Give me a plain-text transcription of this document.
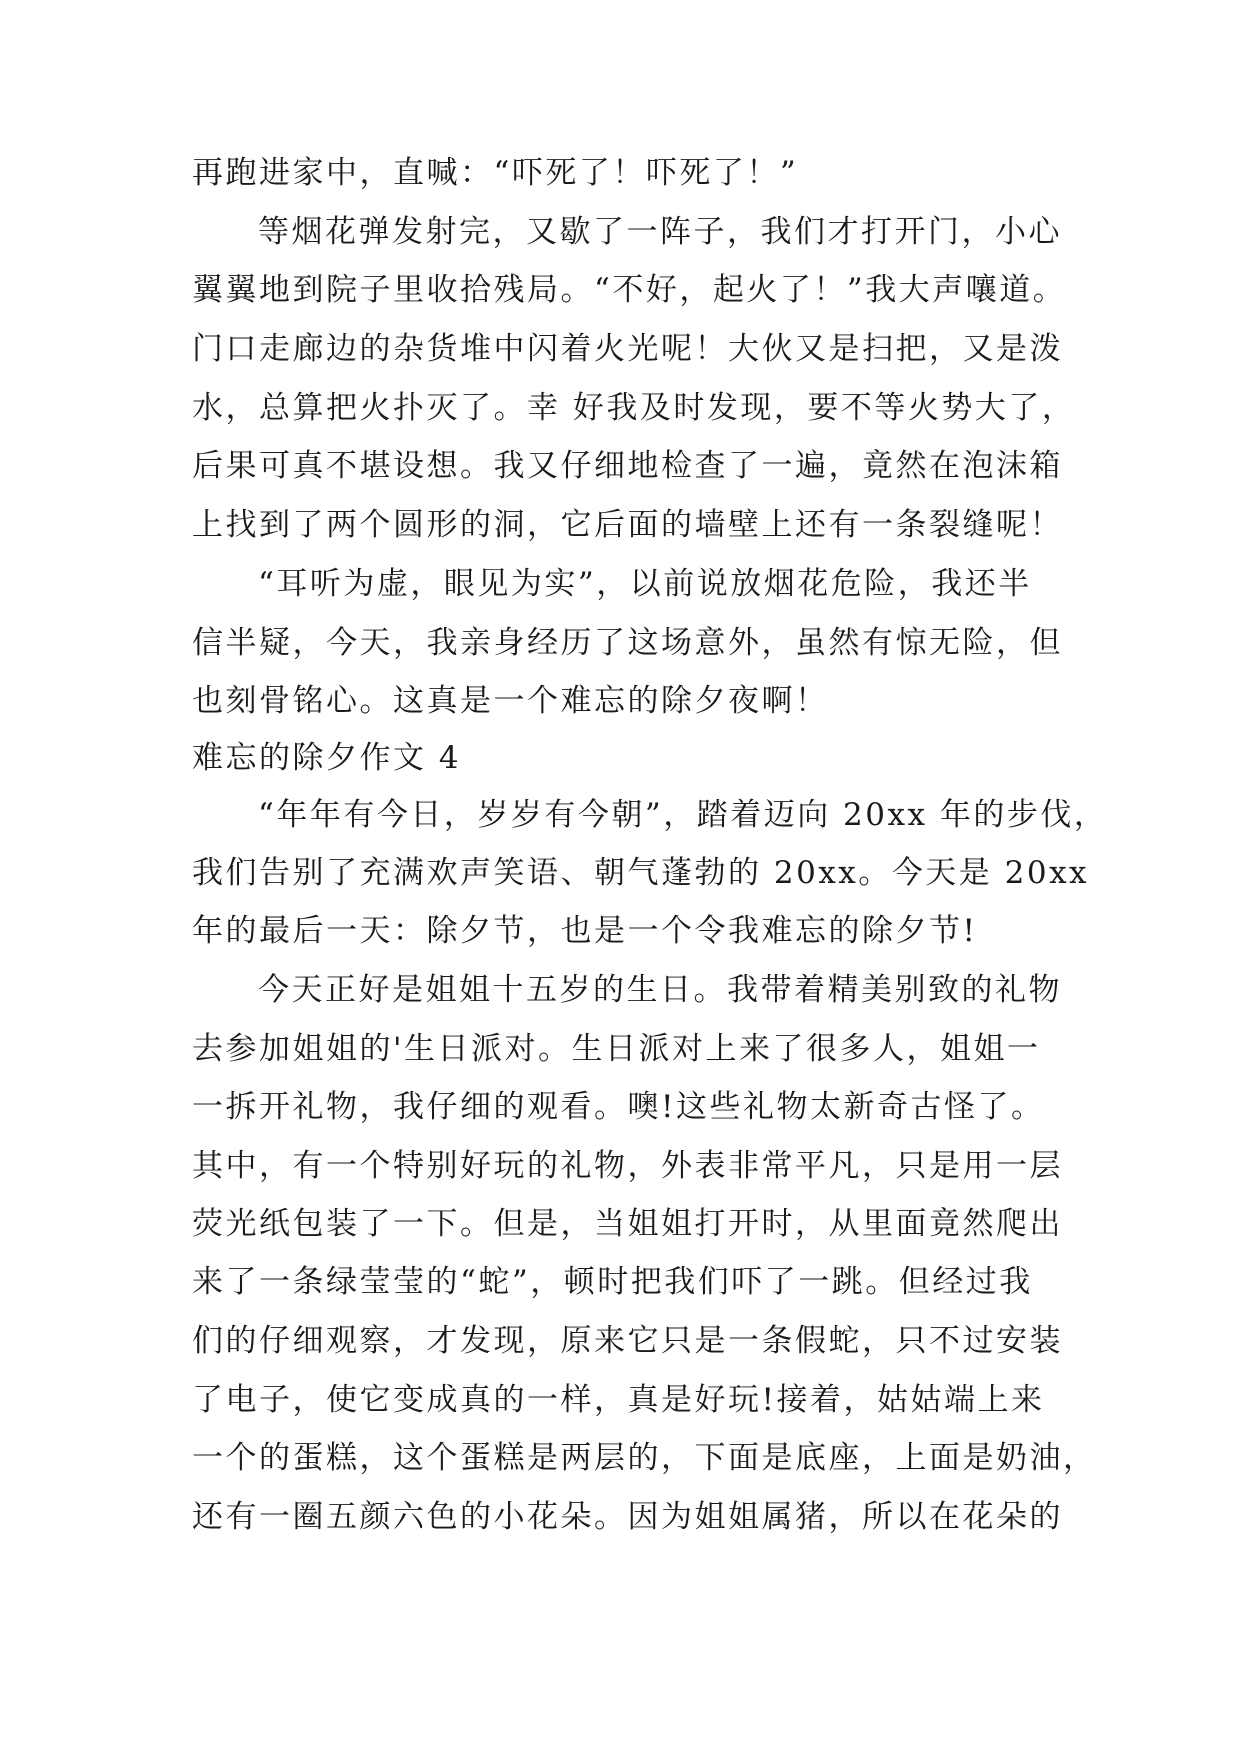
再跑进家中，直喊：“吓死了！吓死了！”
等烟花弹发射完，又歇了一阵子，我们才打开门，小心
翼翼地到院子里收拾残局。“不好，起火了！”我大声嚷道。
门口走廊边的杂货堆中闪着火光呢！大伙又是扫把，又是泼
水，总算把火扑灭了。幸 好我及时发现，要不等火势大了，
后果可真不堪设想。我又仔细地检查了一遍，竟然在泡沫箱
上找到了两个圆形的洞，它后面的墙壁上还有一条裂缝呢！
“耳听为虚，眼见为实”，以前说放烟花危险，我还半
信半疑，今天，我亲身经历了这场意外，虽然有惊无险，但
也刻骨铭心。这真是一个难忘的除夕夜啊！
难忘的除夕作文 4
“年年有今日，岁岁有今朝”，踏着迈向 20xx 年的步伐，
我们告别了充满欢声笑语、朝气蓬勃的 20xx。今天是 20xx
年的最后一天：除夕节，也是一个令我难忘的除夕节!
今天正好是姐姐十五岁的生日。我带着精美别致的礼物
去参加姐姐的'生日派对。生日派对上来了很多人，姐姐一
一拆开礼物，我仔细的观看。噢!这些礼物太新奇古怪了。
其中，有一个特别好玩的礼物，外表非常平凡，只是用一层
荧光纸包装了一下。但是，当姐姐打开时，从里面竟然爬出
来了一条绿莹莹的“蛇”，顿时把我们吓了一跳。但经过我
们的仔细观察，才发现，原来它只是一条假蛇，只不过安装
了电子，使它变成真的一样，真是好玩!接着，姑姑端上来
一个的蛋糕，这个蛋糕是两层的，下面是底座，上面是奶油，
还有一圈五颜六色的小花朵。因为姐姐属猪，所以在花朵的
